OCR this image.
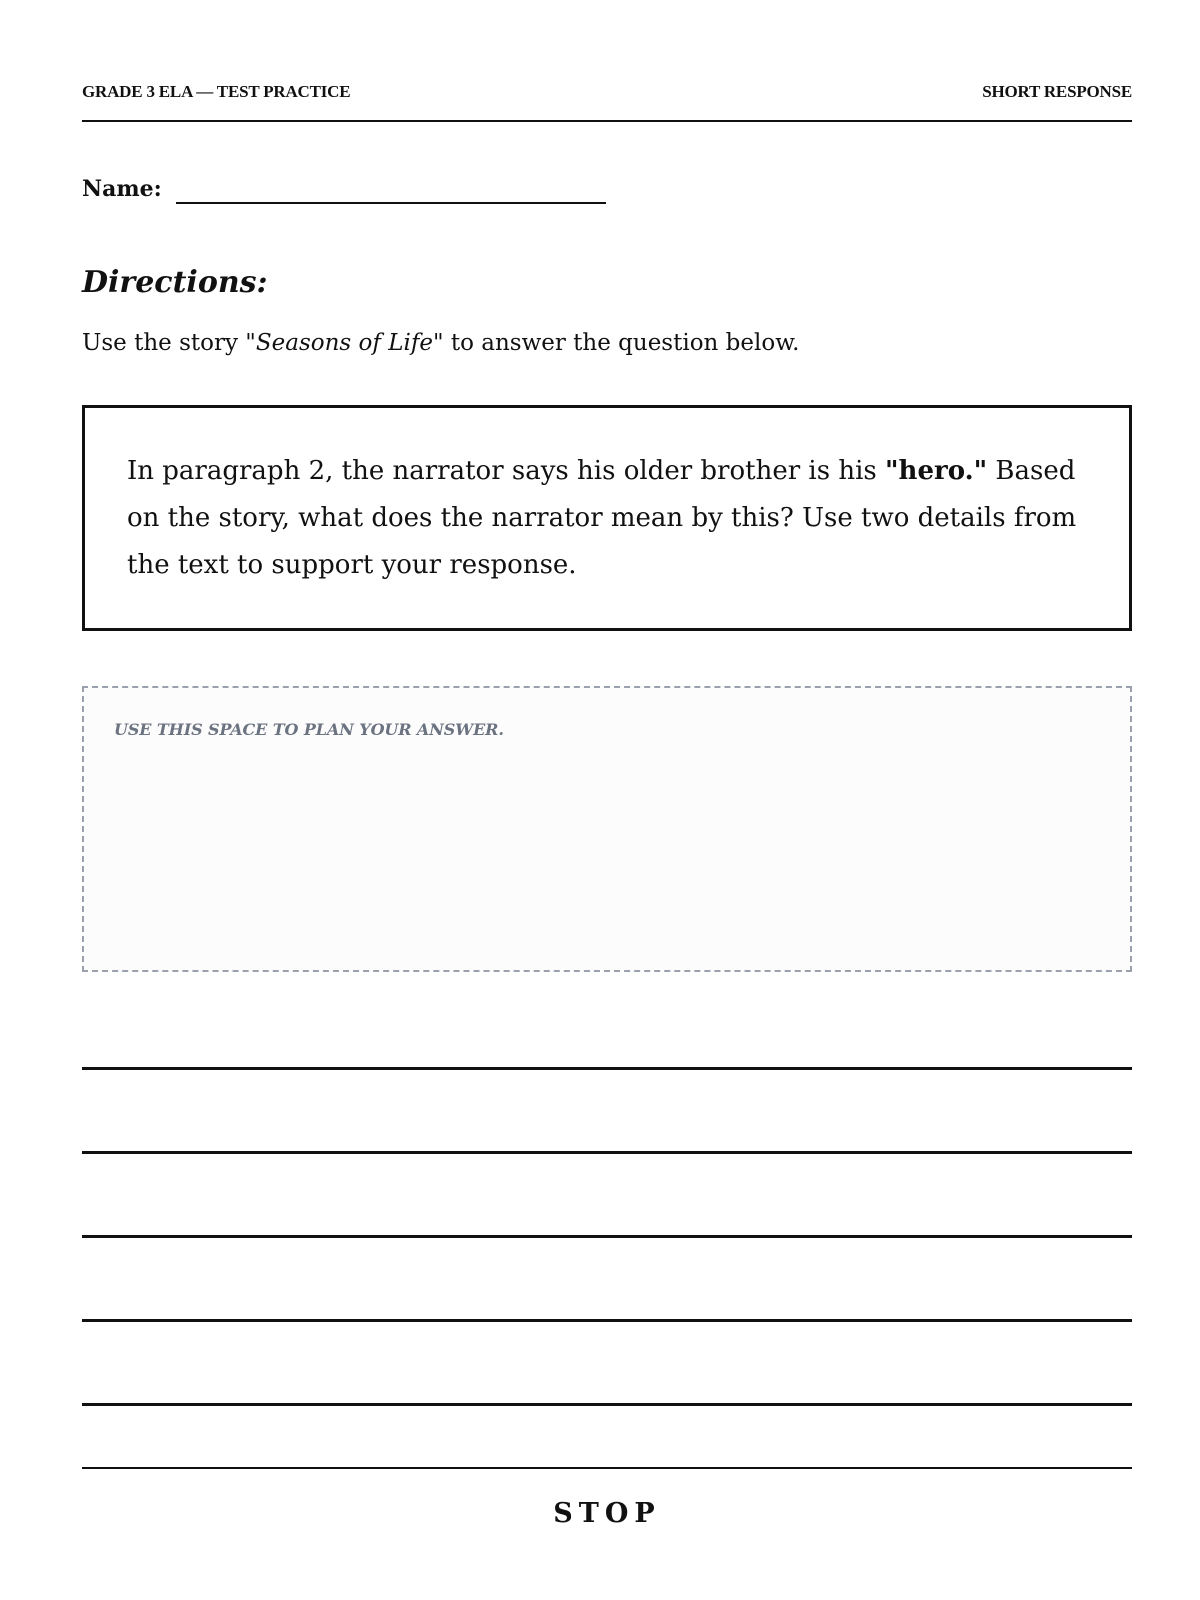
GRADE 3 ELA — TEST PRACTICE	SHORT RESPONSE
Name:
Directions:

Use the story "Seasons of Life" to answer the question below.

In paragraph 2, the narrator says his older brother is his "hero." Based on the story, what does the narrator mean by this? Use two details from the text to support your response.
USE THIS SPACE TO PLAN YOUR ANSWER.
STOP
